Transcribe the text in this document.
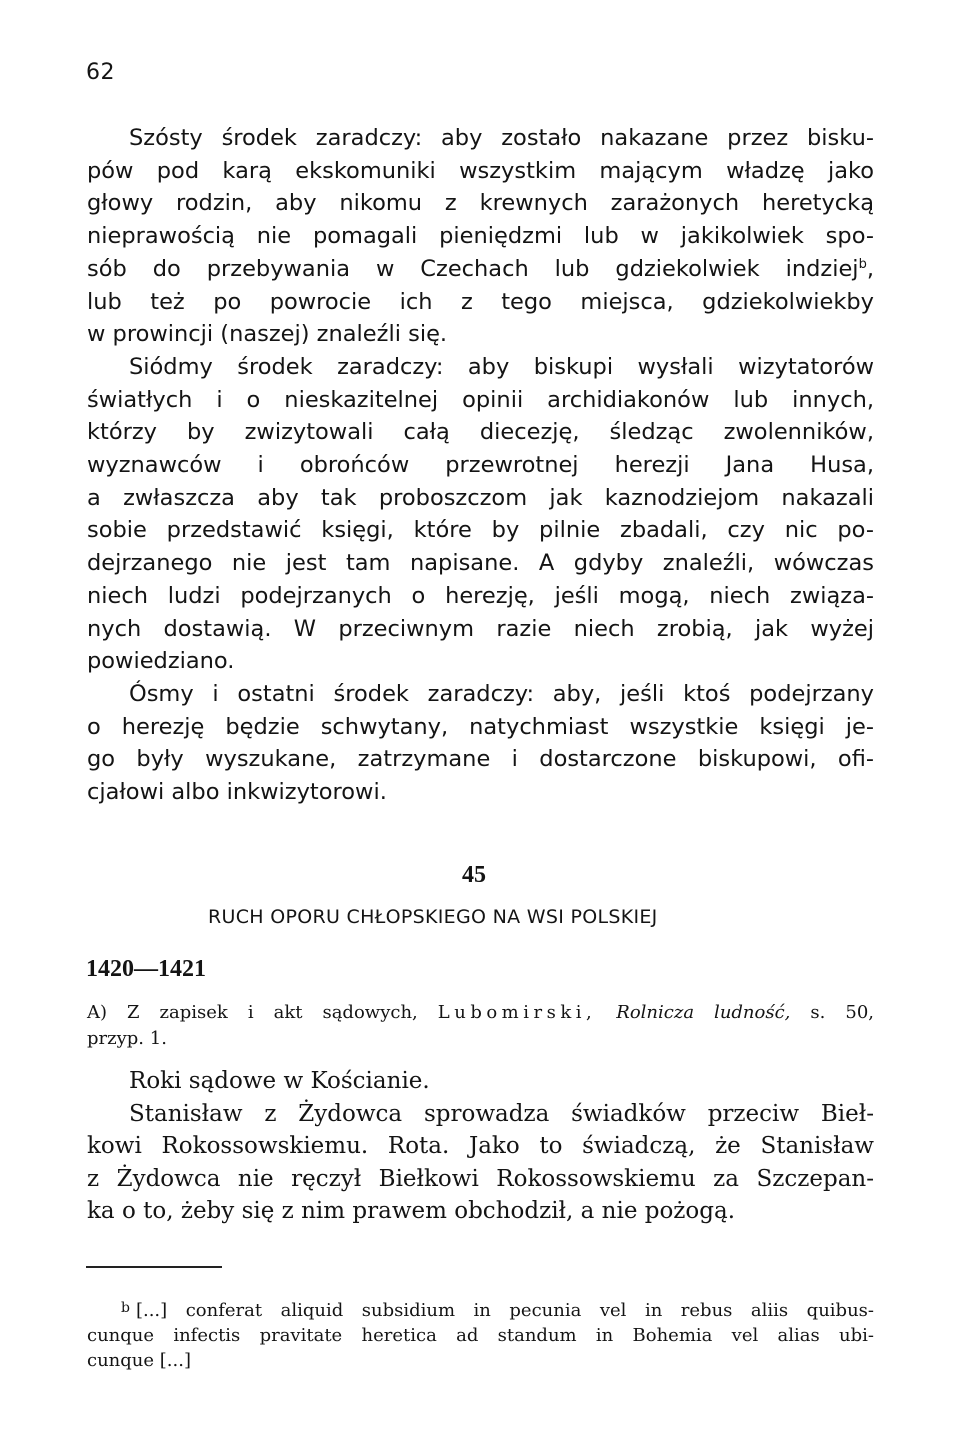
62
Szósty środek zaradczy: aby zostało nakazane przez bisku-
pów pod karą ekskomuniki wszystkim mającym władzę jako
głowy rodzin, aby nikomu z krewnych zarażonych heretycką
nieprawością nie pomagali pieniędzmi lub w jakikolwiek spo-
sób do przebywania w Czechach lub gdziekolwiek indziej$^b$,
lub też po powrocie ich z tego miejsca, gdziekolwiekby
w prowincji (naszej) znaleźli się.
Siódmy środek zaradczy: aby biskupi wysłali wizytatorów
światłych i o nieskazitelnej opinii archidiakonów lub innych,
którzy by zwizytowali całą diecezję, śledząc zwolenników,
wyznawców i obrońców przewrotnej herezji Jana Husa,
a zwłaszcza aby tak proboszczom jak kaznodziejom nakazali
sobie przedstawić księgi, które by pilnie zbadali, czy nic po-
dejrzanego nie jest tam napisane. A gdyby znaleźli, wówczas
niech ludzi podejrzanych o herezję, jeśli mogą, niech związa-
nych dostawią. W przeciwnym razie niech zrobią, jak wyżej
powiedziano.
Ósmy i ostatni środek zaradczy: aby, jeśli ktoś podejrzany
o herezję będzie schwytany, natychmiast wszystkie księgi je-
go były wyszukane, zatrzymane i dostarczone biskupowi, ofi-
cjałowi albo inkwizytorowi.
45
RUCH OPORU CHŁOPSKIEGO NA WSI POLSKIEJ
1420—1421
A) Z zapisek i akt sądowych, Lubomirski, Rolnicza ludność, s. 50,
przyp. 1.
Roki sądowe w Kościanie.
Stanisław z Żydowca sprowadza świadków przeciw Bieł-
kowi Rokossowskiemu. Rota. Jako to świadczą, że Stanisław
z Żydowca nie ręczył Biełkowi Rokossowskiemu za Szczepan-
ka o to, żeby się z nim prawem obchodził, a nie pożogą.
$^b$ [...] conferat aliquid subsidium in pecunia vel in rebus aliis quibus-
cunque infectis pravitate heretica ad standum in Bohemia vel alias ubi-
cunque [...]
